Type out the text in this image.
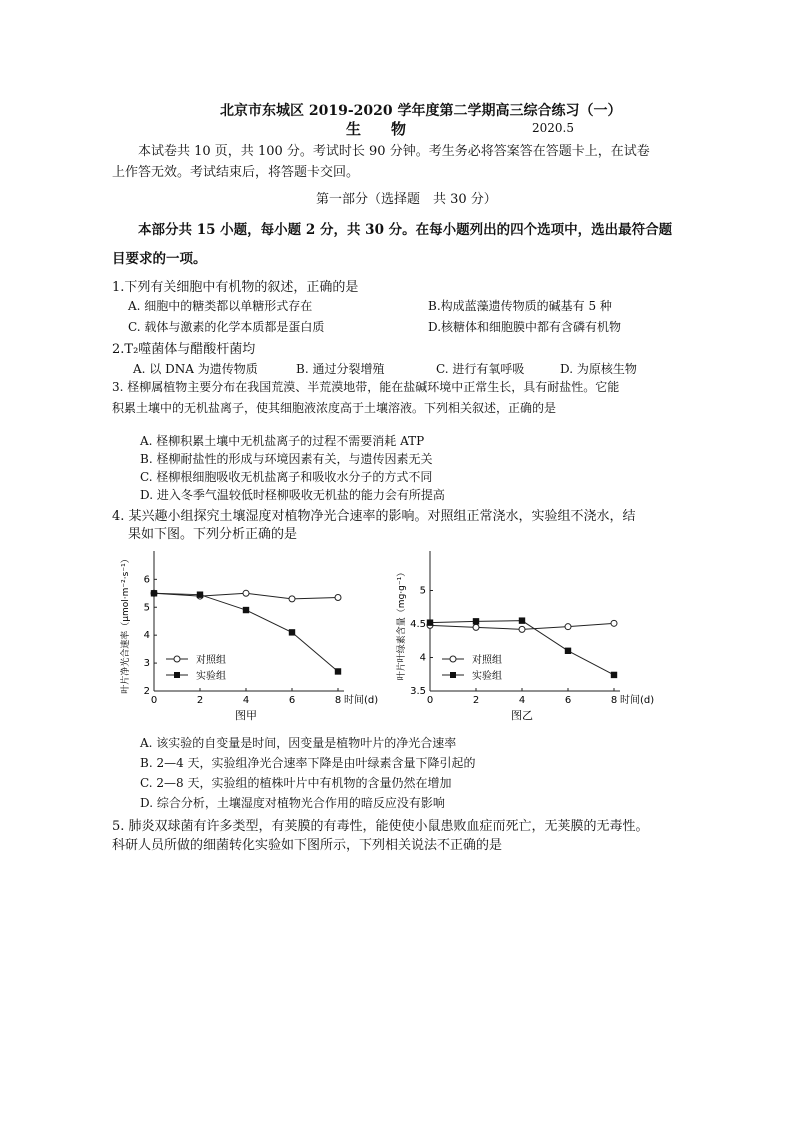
北京市东城区 2019-2020 学年度第二学期高三综合练习（一）
生　　物	2020.5
本试卷共 10 页，共 100 分。考试时长 90 分钟。考生务必将答案答在答题卡上，在试卷
上作答无效。考试结束后，将答题卡交回。
第一部分（选择题　共 30 分）
本部分共 15 小题，每小题 2 分，共 30 分。在每小题列出的四个选项中，选出最符合题
目要求的一项。
1.下列有关细胞中有机物的叙述，正确的是
A. 细胞中的糖类都以单糖形式存在	B.构成蓝藻遗传物质的碱基有 5 种
C. 载体与激素的化学本质都是蛋白质	D.核糖体和细胞膜中都有含磷有机物
2.T₂噬菌体与醋酸杆菌均
A. 以 DNA 为遗传物质	B. 通过分裂增殖	C. 进行有氧呼吸	D. 为原核生物
3. 柽柳属植物主要分布在我国荒漠、半荒漠地带，能在盐碱环境中正常生长，具有耐盐性。它能
积累土壤中的无机盐离子，使其细胞液浓度高于土壤溶液。下列相关叙述，正确的是
A. 柽柳积累土壤中无机盐离子的过程不需要消耗 ATP
B. 柽柳耐盐性的形成与环境因素有关，与遗传因素无关
C. 柽柳根细胞吸收无机盐离子和吸收水分子的方式不同
D. 进入冬季气温较低时柽柳吸收无机盐的能力会有所提高
4. 某兴趣小组探究土壤湿度对植物净光合速率的影响。对照组正常浇水，实验组不浇水，结
果如下图。下列分析正确的是
0	2	4	6	8 时间(d)
2
3
4
5
6
叶片净光合速率（μmol·m⁻²·s⁻¹）
图甲
对照组
实验组
0	2	4	6	8 时间(d)
3.5
4
4.5
5
叶片叶绿素含量（mg·g⁻¹）
图乙
对照组
实验组
A. 该实验的自变量是时间，因变量是植物叶片的净光合速率
B. 2—4 天，实验组净光合速率下降是由叶绿素含量下降引起的
C. 2—8 天，实验组的植株叶片中有机物的含量仍然在增加
D. 综合分析，土壤湿度对植物光合作用的暗反应没有影响
5. 肺炎双球菌有许多类型，有荚膜的有毒性，能使使小鼠患败血症而死亡，无荚膜的无毒性。
科研人员所做的细菌转化实验如下图所示，下列相关说法不正确的是
